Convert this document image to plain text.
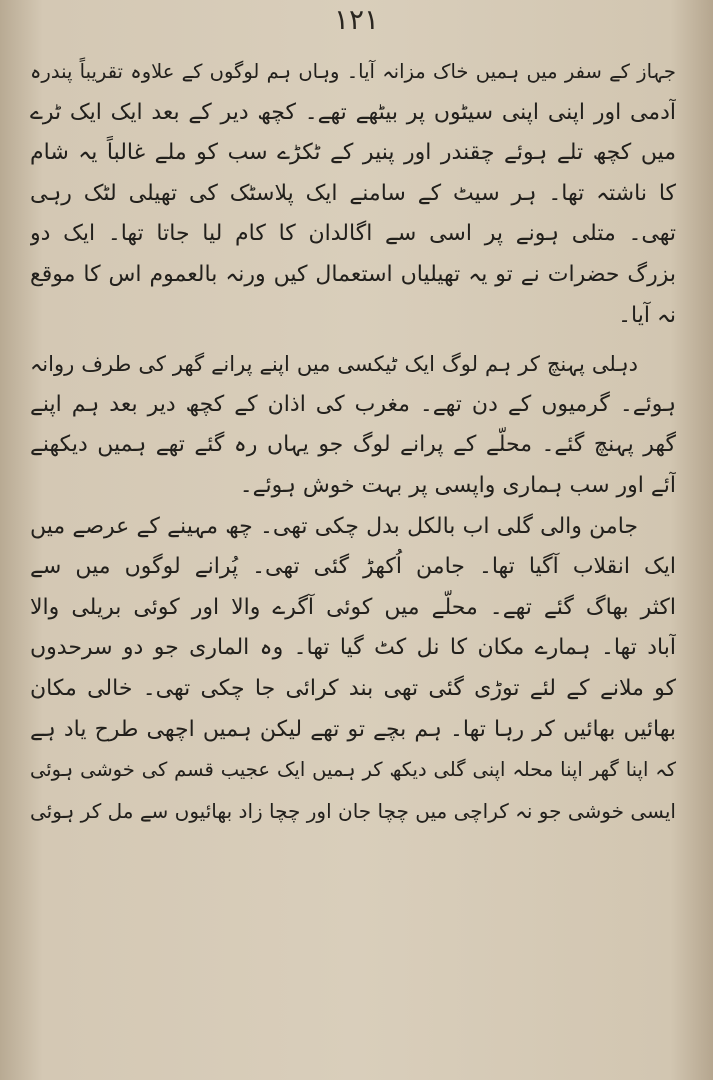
۱۲۱
جہاز کے سفر میں ہمیں خاک مزانہ آیا۔ وہاں ہم لوگوں کے علاوہ تقریباً پندرہ
آدمی اور اپنی اپنی سیٹوں پر بیٹھے تھے۔ کچھ دیر کے بعد ایک ایک ٹرے
میں کچھ تلے ہوئے چقندر اور پنیر کے ٹکڑے سب کو ملے غالباً یہ شام
کا ناشتہ تھا۔ ہر سیٹ کے سامنے ایک پلاسٹک کی تھیلی لٹک رہی
تھی۔ متلی ہونے پر اسی سے اگالدان کا کام لیا جاتا تھا۔ ایک دو
بزرگ حضرات نے تو یہ تھیلیاں استعمال کیں ورنہ بالعموم اس کا موقع
نہ آیا۔
دہلی پہنچ کر ہم لوگ ایک ٹیکسی میں اپنے پرانے گھر کی طرف روانہ
ہوئے۔ گرمیوں کے دن تھے۔ مغرب کی اذان کے کچھ دیر بعد ہم اپنے
گھر پہنچ گئے۔ محلّے کے پرانے لوگ جو یہاں رہ گئے تھے ہمیں دیکھنے
آئے اور سب ہماری واپسی پر بہت خوش ہوئے۔
جامن والی گلی اب بالکل بدل چکی تھی۔ چھ مہینے کے عرصے میں
ایک انقلاب آگیا تھا۔ جامن اُکھڑ گئی تھی۔ پُرانے لوگوں میں سے
اکثر بھاگ گئے تھے۔ محلّے میں کوئی آگرے والا اور کوئی بریلی والا
آباد تھا۔ ہمارے مکان کا نل کٹ گیا تھا۔ وہ الماری جو دو سرحدوں
کو ملانے کے لئے توڑی گئی تھی بند کرائی جا چکی تھی۔ خالی مکان
بھائیں بھائیں کر رہا تھا۔ ہم بچے تو تھے لیکن ہمیں اچھی طرح یاد ہے
کہ اپنا گھر اپنا محلہ اپنی گلی دیکھ کر ہمیں ایک عجیب قسم کی خوشی ہوئی
ایسی خوشی جو نہ کراچی میں چچا جان اور چچا زاد بھائیوں سے مل کر ہوئی
